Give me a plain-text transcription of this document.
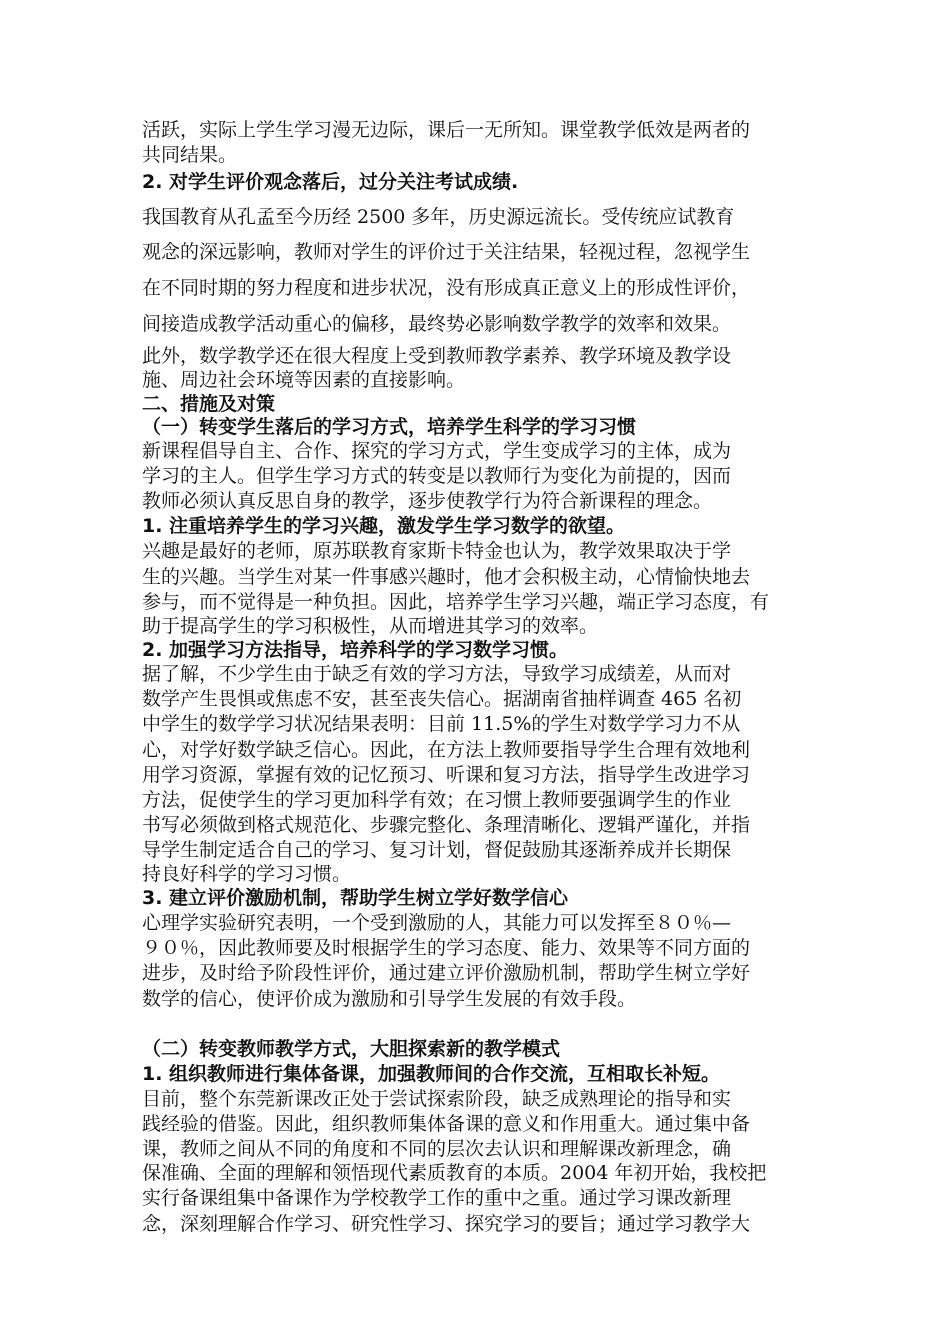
活跃，实际上学生学习漫无边际，课后一无所知。课堂教学低效是两者的
共同结果。
2. 对学生评价观念落后，过分关注考试成绩.
我国教育从孔孟至今历经 2500 多年，历史源远流长。受传统应试教育
观念的深远影响，教师对学生的评价过于关注结果，轻视过程，忽视学生
在不同时期的努力程度和进步状况，没有形成真正意义上的形成性评价，
间接造成教学活动重心的偏移，最终势必影响数学教学的效率和效果。
此外，数学教学还在很大程度上受到教师教学素养、教学环境及教学设
施、周边社会环境等因素的直接影响。
二、措施及对策
（一）转变学生落后的学习方式，培养学生科学的学习习惯
新课程倡导自主、合作、探究的学习方式，学生变成学习的主体，成为
学习的主人。但学生学习方式的转变是以教师行为变化为前提的，因而
教师必须认真反思自身的教学，逐步使教学行为符合新课程的理念。
1. 注重培养学生的学习兴趣，激发学生学习数学的欲望。
兴趣是最好的老师，原苏联教育家斯卡特金也认为，教学效果取决于学
生的兴趣。当学生对某一件事感兴趣时，他才会积极主动，心情愉快地去
参与，而不觉得是一种负担。因此，培养学生学习兴趣，端正学习态度，有
助于提高学生的学习积极性，从而增进其学习的效率。
2. 加强学习方法指导，培养科学的学习数学习惯。
据了解，不少学生由于缺乏有效的学习方法，导致学习成绩差，从而对
数学产生畏惧或焦虑不安，甚至丧失信心。据湖南省抽样调查 465 名初
中学生的数学学习状况结果表明：目前 11.5%的学生对数学学习力不从
心，对学好数学缺乏信心。因此，在方法上教师要指导学生合理有效地利
用学习资源，掌握有效的记忆预习、听课和复习方法，指导学生改进学习
方法，促使学生的学习更加科学有效；在习惯上教师要强调学生的作业
书写必须做到格式规范化、步骤完整化、条理清晰化、逻辑严谨化，并指
导学生制定适合自己的学习、复习计划，督促鼓励其逐渐养成并长期保
持良好科学的学习习惯。
3. 建立评价激励机制，帮助学生树立学好数学信心
心理学实验研究表明，一个受到激励的人，其能力可以发挥至８０％—
９０％，因此教师要及时根据学生的学习态度、能力、效果等不同方面的
进步，及时给予阶段性评价，通过建立评价激励机制，帮助学生树立学好
数学的信心，使评价成为激励和引导学生发展的有效手段。
（二）转变教师教学方式，大胆探索新的教学模式
1. 组织教师进行集体备课，加强教师间的合作交流，互相取长补短。
目前，整个东莞新课改正处于尝试探索阶段，缺乏成熟理论的指导和实
践经验的借鉴。因此，组织教师集体备课的意义和作用重大。通过集中备
课，教师之间从不同的角度和不同的层次去认识和理解课改新理念，确
保准确、全面的理解和领悟现代素质教育的本质。2004 年初开始，我校把
实行备课组集中备课作为学校教学工作的重中之重。通过学习课改新理
念，深刻理解合作学习、研究性学习、探究学习的要旨；通过学习教学大
